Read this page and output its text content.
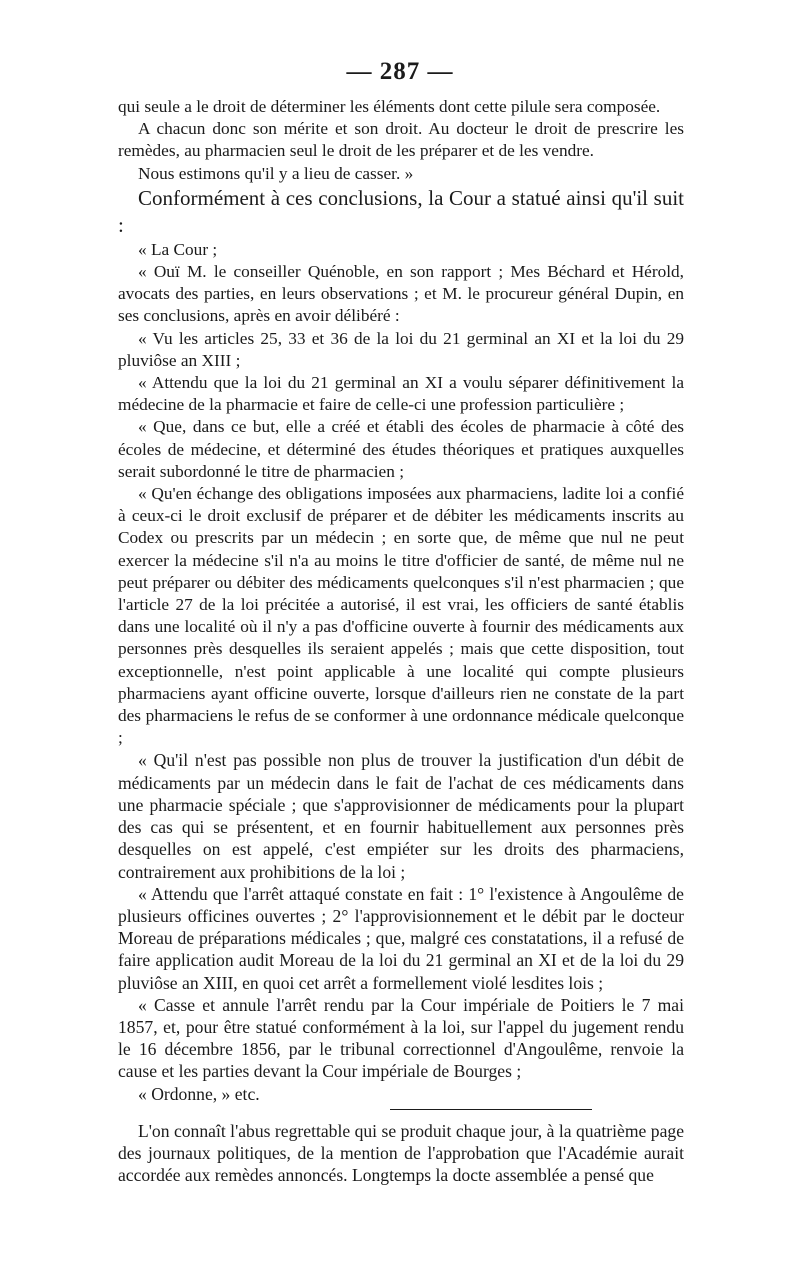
— 287 —

qui seule a le droit de déterminer les éléments dont cette pilule sera composée.

A chacun donc son mérite et son droit. Au docteur le droit de prescrire les remèdes, au pharmacien seul le droit de les préparer et de les vendre.

Nous estimons qu'il y a lieu de casser. »

Conformément à ces conclusions, la Cour a statué ainsi qu'il suit :

« La Cour ;

« Ouï M. le conseiller Quénoble, en son rapport ; Mes Béchard et Hérold, avocats des parties, en leurs observations ; et M. le procureur général Dupin, en ses conclusions, après en avoir délibéré :

« Vu les articles 25, 33 et 36 de la loi du 21 germinal an XI et la loi du 29 pluviôse an XIII ;

« Attendu que la loi du 21 germinal an XI a voulu séparer définitivement la médecine de la pharmacie et faire de celle-ci une profession particulière ;

« Que, dans ce but, elle a créé et établi des écoles de pharmacie à côté des écoles de médecine, et déterminé des études théoriques et pratiques auxquelles serait subordonné le titre de pharmacien ;

« Qu'en échange des obligations imposées aux pharmaciens, ladite loi a confié à ceux-ci le droit exclusif de préparer et de débiter les médicaments inscrits au Codex ou prescrits par un médecin ; en sorte que, de même que nul ne peut exercer la médecine s'il n'a au moins le titre d'officier de santé, de même nul ne peut préparer ou débiter des médicaments quelconques s'il n'est pharmacien ; que l'article 27 de la loi précitée a autorisé, il est vrai, les officiers de santé établis dans une localité où il n'y a pas d'officine ouverte à fournir des médicaments aux personnes près desquelles ils seraient appelés ; mais que cette disposition, tout exceptionnelle, n'est point applicable à une localité qui compte plusieurs pharmaciens ayant officine ouverte, lorsque d'ailleurs rien ne constate de la part des pharmaciens le refus de se conformer à une ordonnance médicale quelconque ;

« Qu'il n'est pas possible non plus de trouver la justification d'un débit de médicaments par un médecin dans le fait de l'achat de ces médicaments dans une pharmacie spéciale ; que s'approvisionner de médicaments pour la plupart des cas qui se présentent, et en fournir habituellement aux personnes près desquelles on est appelé, c'est empiéter sur les droits des pharmaciens, contrairement aux prohibitions de la loi ;

« Attendu que l'arrêt attaqué constate en fait : 1° l'existence à Angoulême de plusieurs officines ouvertes ; 2° l'approvisionnement et le débit par le docteur Moreau de préparations médicales ; que, malgré ces constatations, il a refusé de faire application audit Moreau de la loi du 21 germinal an XI et de la loi du 29 pluviôse an XIII, en quoi cet arrêt a formellement violé lesdites lois ;

« Casse et annule l'arrêt rendu par la Cour impériale de Poitiers le 7 mai 1857, et, pour être statué conformément à la loi, sur l'appel du jugement rendu le 16 décembre 1856, par le tribunal correctionnel d'Angoulême, renvoie la cause et les parties devant la Cour impériale de Bourges ;

« Ordonne, » etc.

L'on connaît l'abus regrettable qui se produit chaque jour, à la quatrième page des journaux politiques, de la mention de l'approbation que l'Académie aurait accordée aux remèdes annoncés. Longtemps la docte assemblée a pensé que
